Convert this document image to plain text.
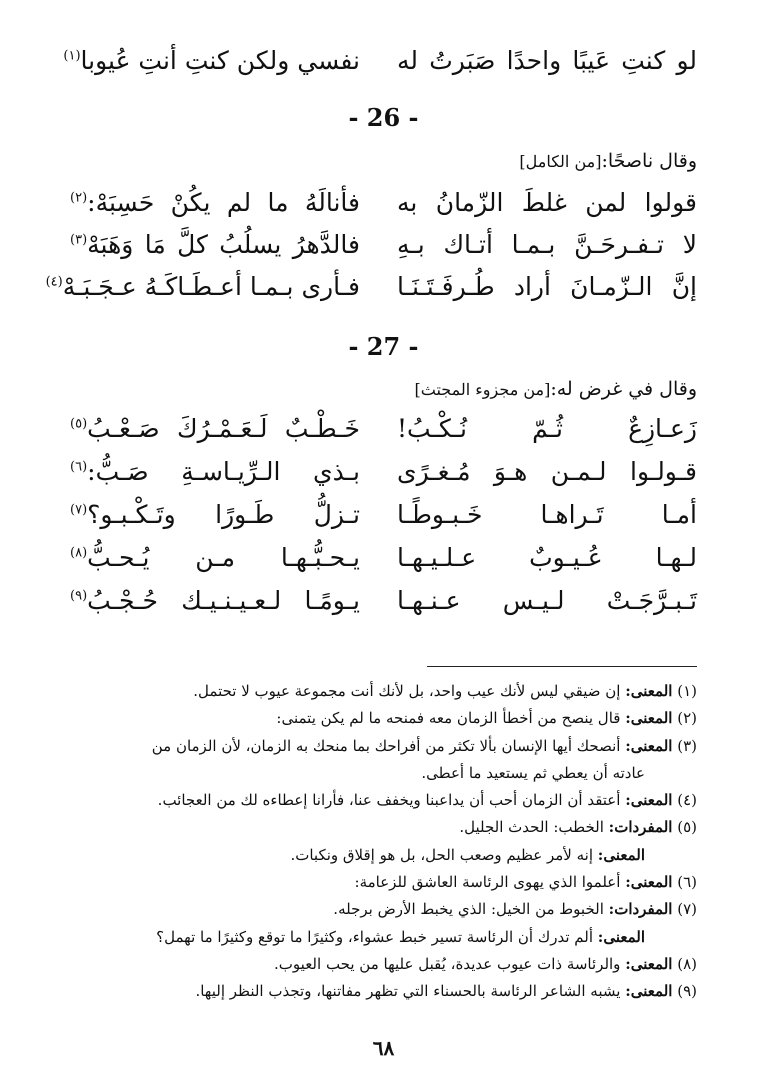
لو كنتِ عَيبًا واحدًا صَبَرتُ له
نفسي ولكن كنتِ أنتِ عُيوبا$^{(١)}$
- 26 -
وقال ناصحًا:[من الكامل]
قولوا لمن غلطَ الزّمانُ به
فأنالَهُ ما لم يكُنْ حَسِبَهْ:$^{(٢)}$
لا تـفـرحَـنَّ بـمـا أتـاك بـهِ
فالدَّهرُ يسلُبُ كلَّ مَا وَهَبَهْ$^{(٣)}$
إنَّ الـزّمـانَ أراد طُـرفَـتَـنَـا
فـأرى بـمـا أعـطَـاكَـهُ عـجَـبَـهْ$^{(٤)}$
- 27 -
وقال في غرض له:[من مجزوء المجتث]
زَعـازِعٌ ثُـمّ نُـكْـبُ!
خَـطْـبٌ لَـعَـمْـرُكَ صَـعْـبُ$^{(٥)}$
قـولـوا لـمـن هـوَ مُـغـرًى
بـذي الـرِّيـاسـةِ صَـبُّ:$^{(٦)}$
أمـا تَـراهـا خَـبـوطًـا
تـزلُّ طَـورًا وتَـكْـبـو؟$^{(٧)}$
لـهـا عُـيـوبٌ عـلـيـهـا
يـحـبُّـهـا مـن يُـحـبُّ$^{(٨)}$
تَـبـرَّجَـتْ لـيـس عـنـهـا
يـومًـا لـعـيـنـيـك حُـجْـبُ$^{(٩)}$
(١) المعنى: إن ضيقي ليس لأنك عيب واحد، بل لأنك أنت مجموعة عيوب لا تحتمل.
(٢) المعنى: قال ينصح من أخطأ الزمان معه فمنحه ما لم يكن يتمنى:
(٣) المعنى: أنصحك أيها الإنسان بألا تكثر من أفراحك بما منحك به الزمان، لأن الزمان من
عادته أن يعطي ثم يستعيد ما أعطى.
(٤) المعنى: أعتقد أن الزمان أحب أن يداعبنا ويخفف عنا، فأرانا إعطاءه لك من العجائب.
(٥) المفردات: الخطب: الحدث الجليل.
المعنى: إنه لأمر عظيم وصعب الحل، بل هو إقلاق ونكبات.
(٦) المعنى: أعلموا الذي يهوى الرئاسة العاشق للزعامة:
(٧) المفردات: الخبوط من الخيل: الذي يخبط الأرض برجله.
المعنى: ألم تدرك أن الرئاسة تسير خبط عشواء، وكثيرًا ما توقع وكثيرًا ما تهمل؟
(٨) المعنى: والرئاسة ذات عيوب عديدة، يُقبل عليها من يحب العيوب.
(٩) المعنى: يشبه الشاعر الرئاسة بالحسناء التي تظهر مفاتنها، وتجذب النظر إليها.
٦٨
